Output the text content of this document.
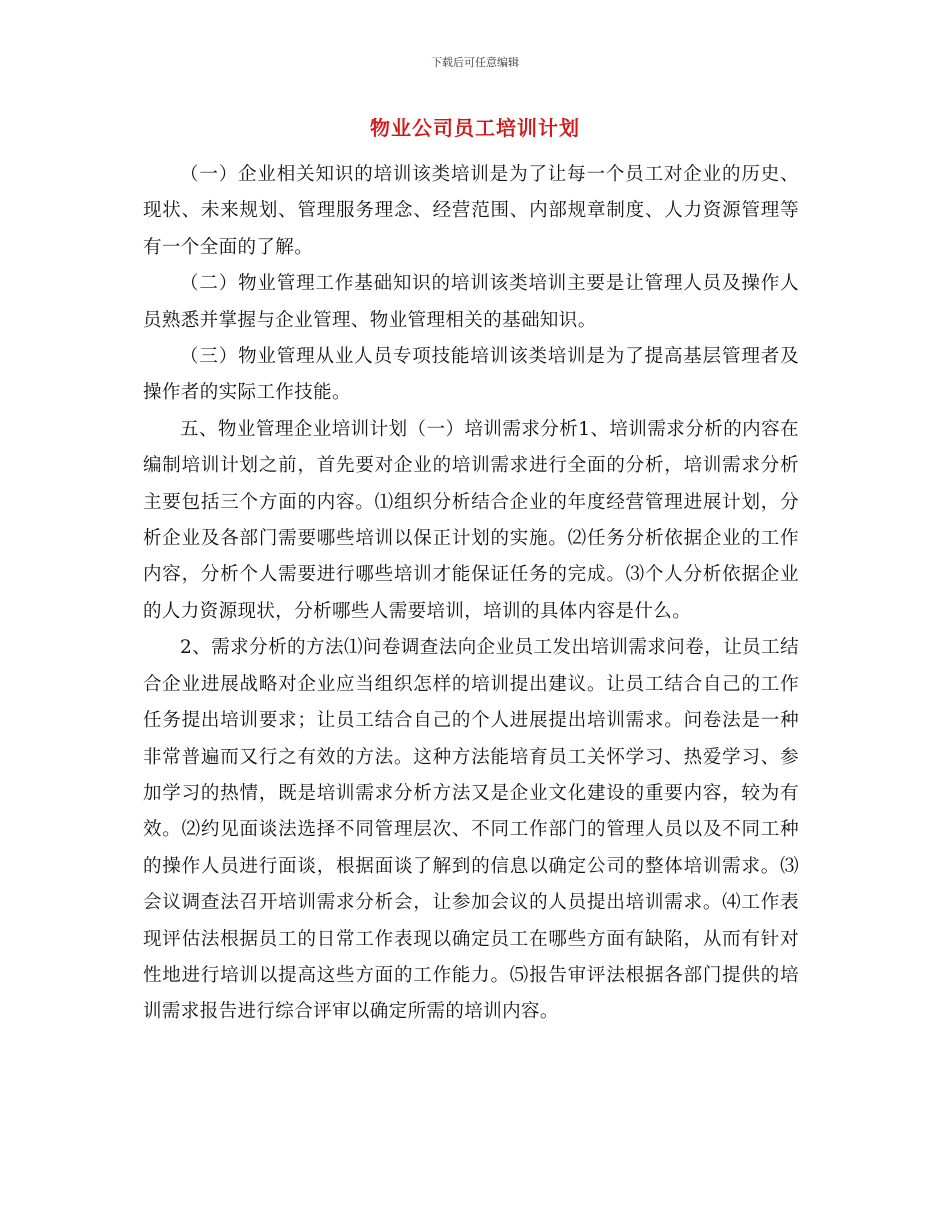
下载后可任意编辑
物业公司员工培训计划

（一）企业相关知识的培训该类培训是为了让每一个员工对企业的历史、现状、未来规划、管理服务理念、经营范围、内部规章制度、人力资源管理等有一个全面的了解。

（二）物业管理工作基础知识的培训该类培训主要是让管理人员及操作人员熟悉并掌握与企业管理、物业管理相关的基础知识。

（三）物业管理从业人员专项技能培训该类培训是为了提高基层管理者及操作者的实际工作技能。

五、物业管理企业培训计划（一）培训需求分析1、培训需求分析的内容在编制培训计划之前，首先要对企业的培训需求进行全面的分析，培训需求分析主要包括三个方面的内容。⑴组织分析结合企业的年度经营管理进展计划，分析企业及各部门需要哪些培训以保正计划的实施。⑵任务分析依据企业的工作内容，分析个人需要进行哪些培训才能保证任务的完成。⑶个人分析依据企业的人力资源现状，分析哪些人需要培训，培训的具体内容是什么。

2、需求分析的方法⑴问卷调查法向企业员工发出培训需求问卷，让员工结合企业进展战略对企业应当组织怎样的培训提出建议。让员工结合自己的工作任务提出培训要求；让员工结合自己的个人进展提出培训需求。问卷法是一种非常普遍而又行之有效的方法。这种方法能培育员工关怀学习、热爱学习、参加学习的热情，既是培训需求分析方法又是企业文化建设的重要内容，较为有效。⑵约见面谈法选择不同管理层次、不同工作部门的管理人员以及不同工种的操作人员进行面谈，根据面谈了解到的信息以确定公司的整体培训需求。⑶会议调查法召开培训需求分析会，让参加会议的人员提出培训需求。⑷工作表现评估法根据员工的日常工作表现以确定员工在哪些方面有缺陷，从而有针对性地进行培训以提高这些方面的工作能力。⑸报告审评法根据各部门提供的培训需求报告进行综合评审以确定所需的培训内容。
